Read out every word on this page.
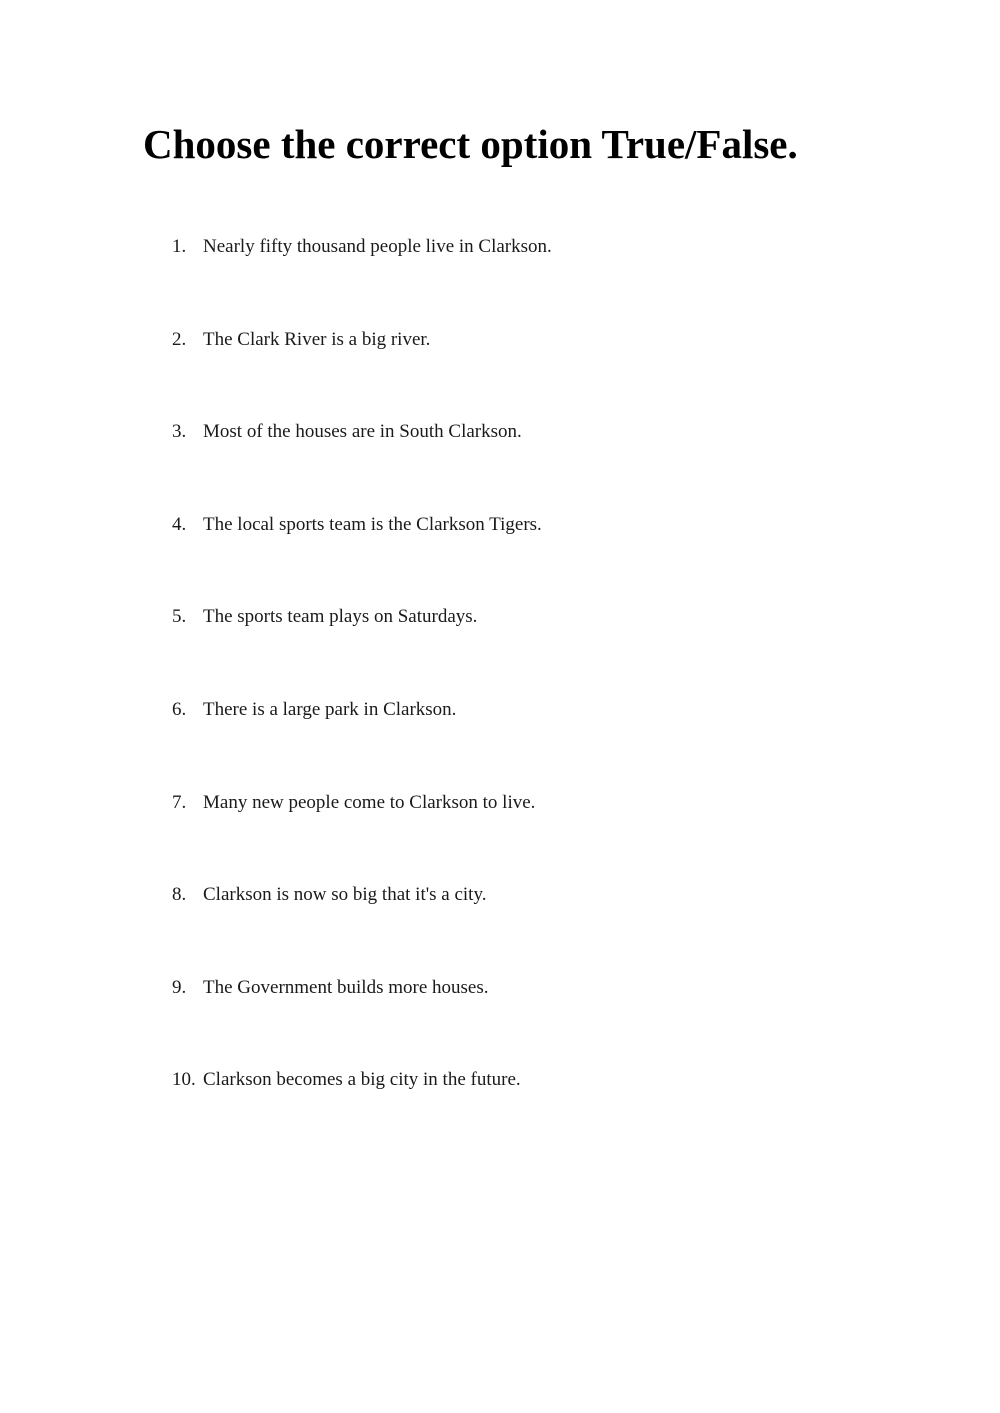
Choose the correct option True/False.
1. Nearly fifty thousand people live in Clarkson.
2. The Clark River is a big river.
3. Most of the houses are in South Clarkson.
4. The local sports team is the Clarkson Tigers.
5. The sports team plays on Saturdays.
6. There is a large park in Clarkson.
7. Many new people come to Clarkson to live.
8. Clarkson is now so big that it's a city.
9. The Government builds more houses.
10. Clarkson becomes a big city in the future.
